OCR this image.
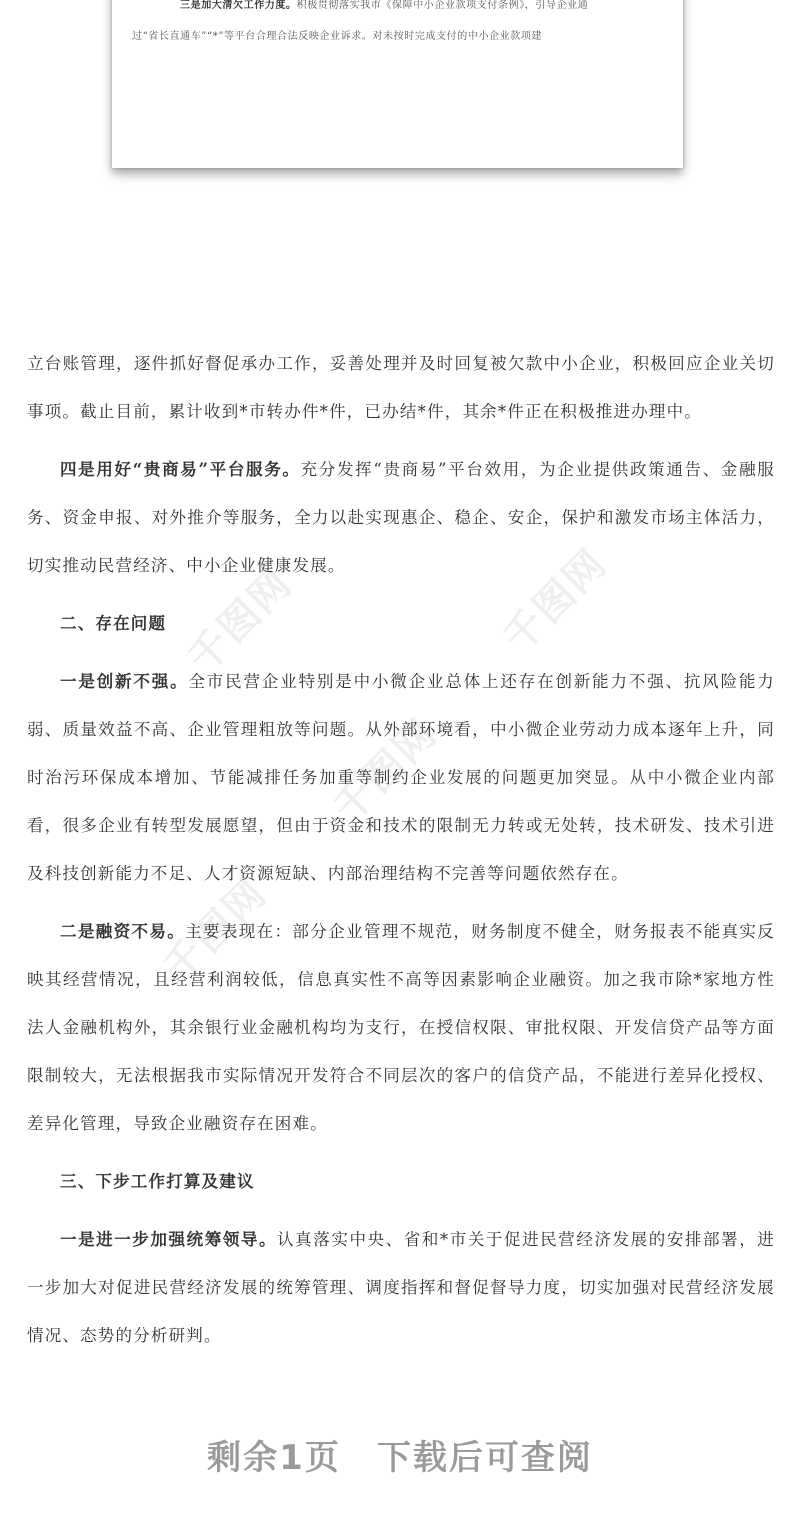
三是加大清欠工作力度。积极贯彻落实我市《保障中小企业款项支付条例》，引导企业通
过“省长直通车”“*”等平台合理合法反映企业诉求。对未按时完成支付的中小企业款项建
千图网	千图网
千图网
千图网

立台账管理，逐件抓好督促承办工作，妥善处理并及时回复被欠款中小企业，积极回应企业关切事项。截止目前，累计收到*市转办件*件，已办结*件，其余*件正在积极推进办理中。

四是用好“贵商易”平台服务。充分发挥“贵商易”平台效用，为企业提供政策通告、金融服务、资金申报、对外推介等服务，全力以赴实现惠企、稳企、安企，保护和激发市场主体活力，切实推动民营经济、中小企业健康发展。

二、存在问题

一是创新不强。全市民营企业特别是中小微企业总体上还存在创新能力不强、抗风险能力弱、质量效益不高、企业管理粗放等问题。从外部环境看，中小微企业劳动力成本逐年上升，同时治污环保成本增加、节能减排任务加重等制约企业发展的问题更加突显。从中小微企业内部看，很多企业有转型发展愿望，但由于资金和技术的限制无力转或无处转，技术研发、技术引进及科技创新能力不足、人才资源短缺、内部治理结构不完善等问题依然存在。

二是融资不易。主要表现在：部分企业管理不规范，财务制度不健全，财务报表不能真实反映其经营情况，且经营利润较低，信息真实性不高等因素影响企业融资。加之我市除*家地方性法人金融机构外，其余银行业金融机构均为支行，在授信权限、审批权限、开发信贷产品等方面限制较大，无法根据我市实际情况开发符合不同层次的客户的信贷产品，不能进行差异化授权、差异化管理，导致企业融资存在困难。

三、下步工作打算及建议

一是进一步加强统筹领导。认真落实中央、省和*市关于促进民营经济发展的安排部署，进一步加大对促进民营经济发展的统筹管理、调度指挥和督促督导力度，切实加强对民营经济发展情况、态势的分析研判。

剩余1页 下载后可查阅
